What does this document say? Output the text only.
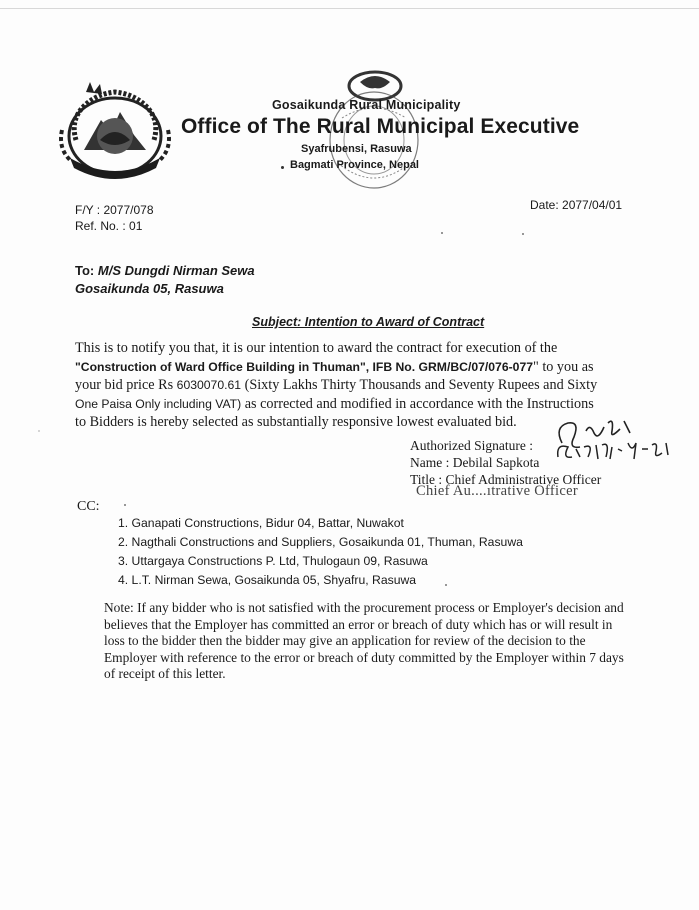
Gosaikunda Rural Municipality
Office of The Rural Municipal Executive
Syafrubensi, Rasuwa
Bagmati Province, Nepal
F/Y : 2077/078
Ref. No. : 01
Date: 2077/04/01
To: M/S Dungdi Nirman Sewa
Gosaikunda 05, Rasuwa
Subject: Intention to Award of Contract
This is to notify you that, it is our intention to award the contract for execution of the
"Construction of Ward Office Building in Thuman", IFB No. GRM/BC/07/076-077" to you as
your bid price Rs 6030070.61 (Sixty Lakhs Thirty Thousands and Seventy Rupees and Sixty
One Paisa Only including VAT) as corrected and modified in accordance with the Instructions
to Bidders is hereby selected as substantially responsive lowest evaluated bid.
Authorized Signature :
Name : Debilal Sapkota
Title : Chief Administrative Officer
Chief Au....ıtrative Officer
CC:
1. Ganapati Constructions, Bidur 04, Battar, Nuwakot
2. Nagthali Constructions and Suppliers, Gosaikunda 01, Thuman, Rasuwa
3. Uttargaya Constructions P. Ltd, Thulogaun 09, Rasuwa
4. L.T. Nirman Sewa, Gosaikunda 05, Shyafru, Rasuwa
Note: If any bidder who is not satisfied with the procurement process or Employer's decision and believes that the Employer has committed an error or breach of duty which has or will result in loss to the bidder then the bidder may give an application for review of the decision to the Employer with reference to the error or breach of duty committed by the Employer within 7 days of receipt of this letter.
